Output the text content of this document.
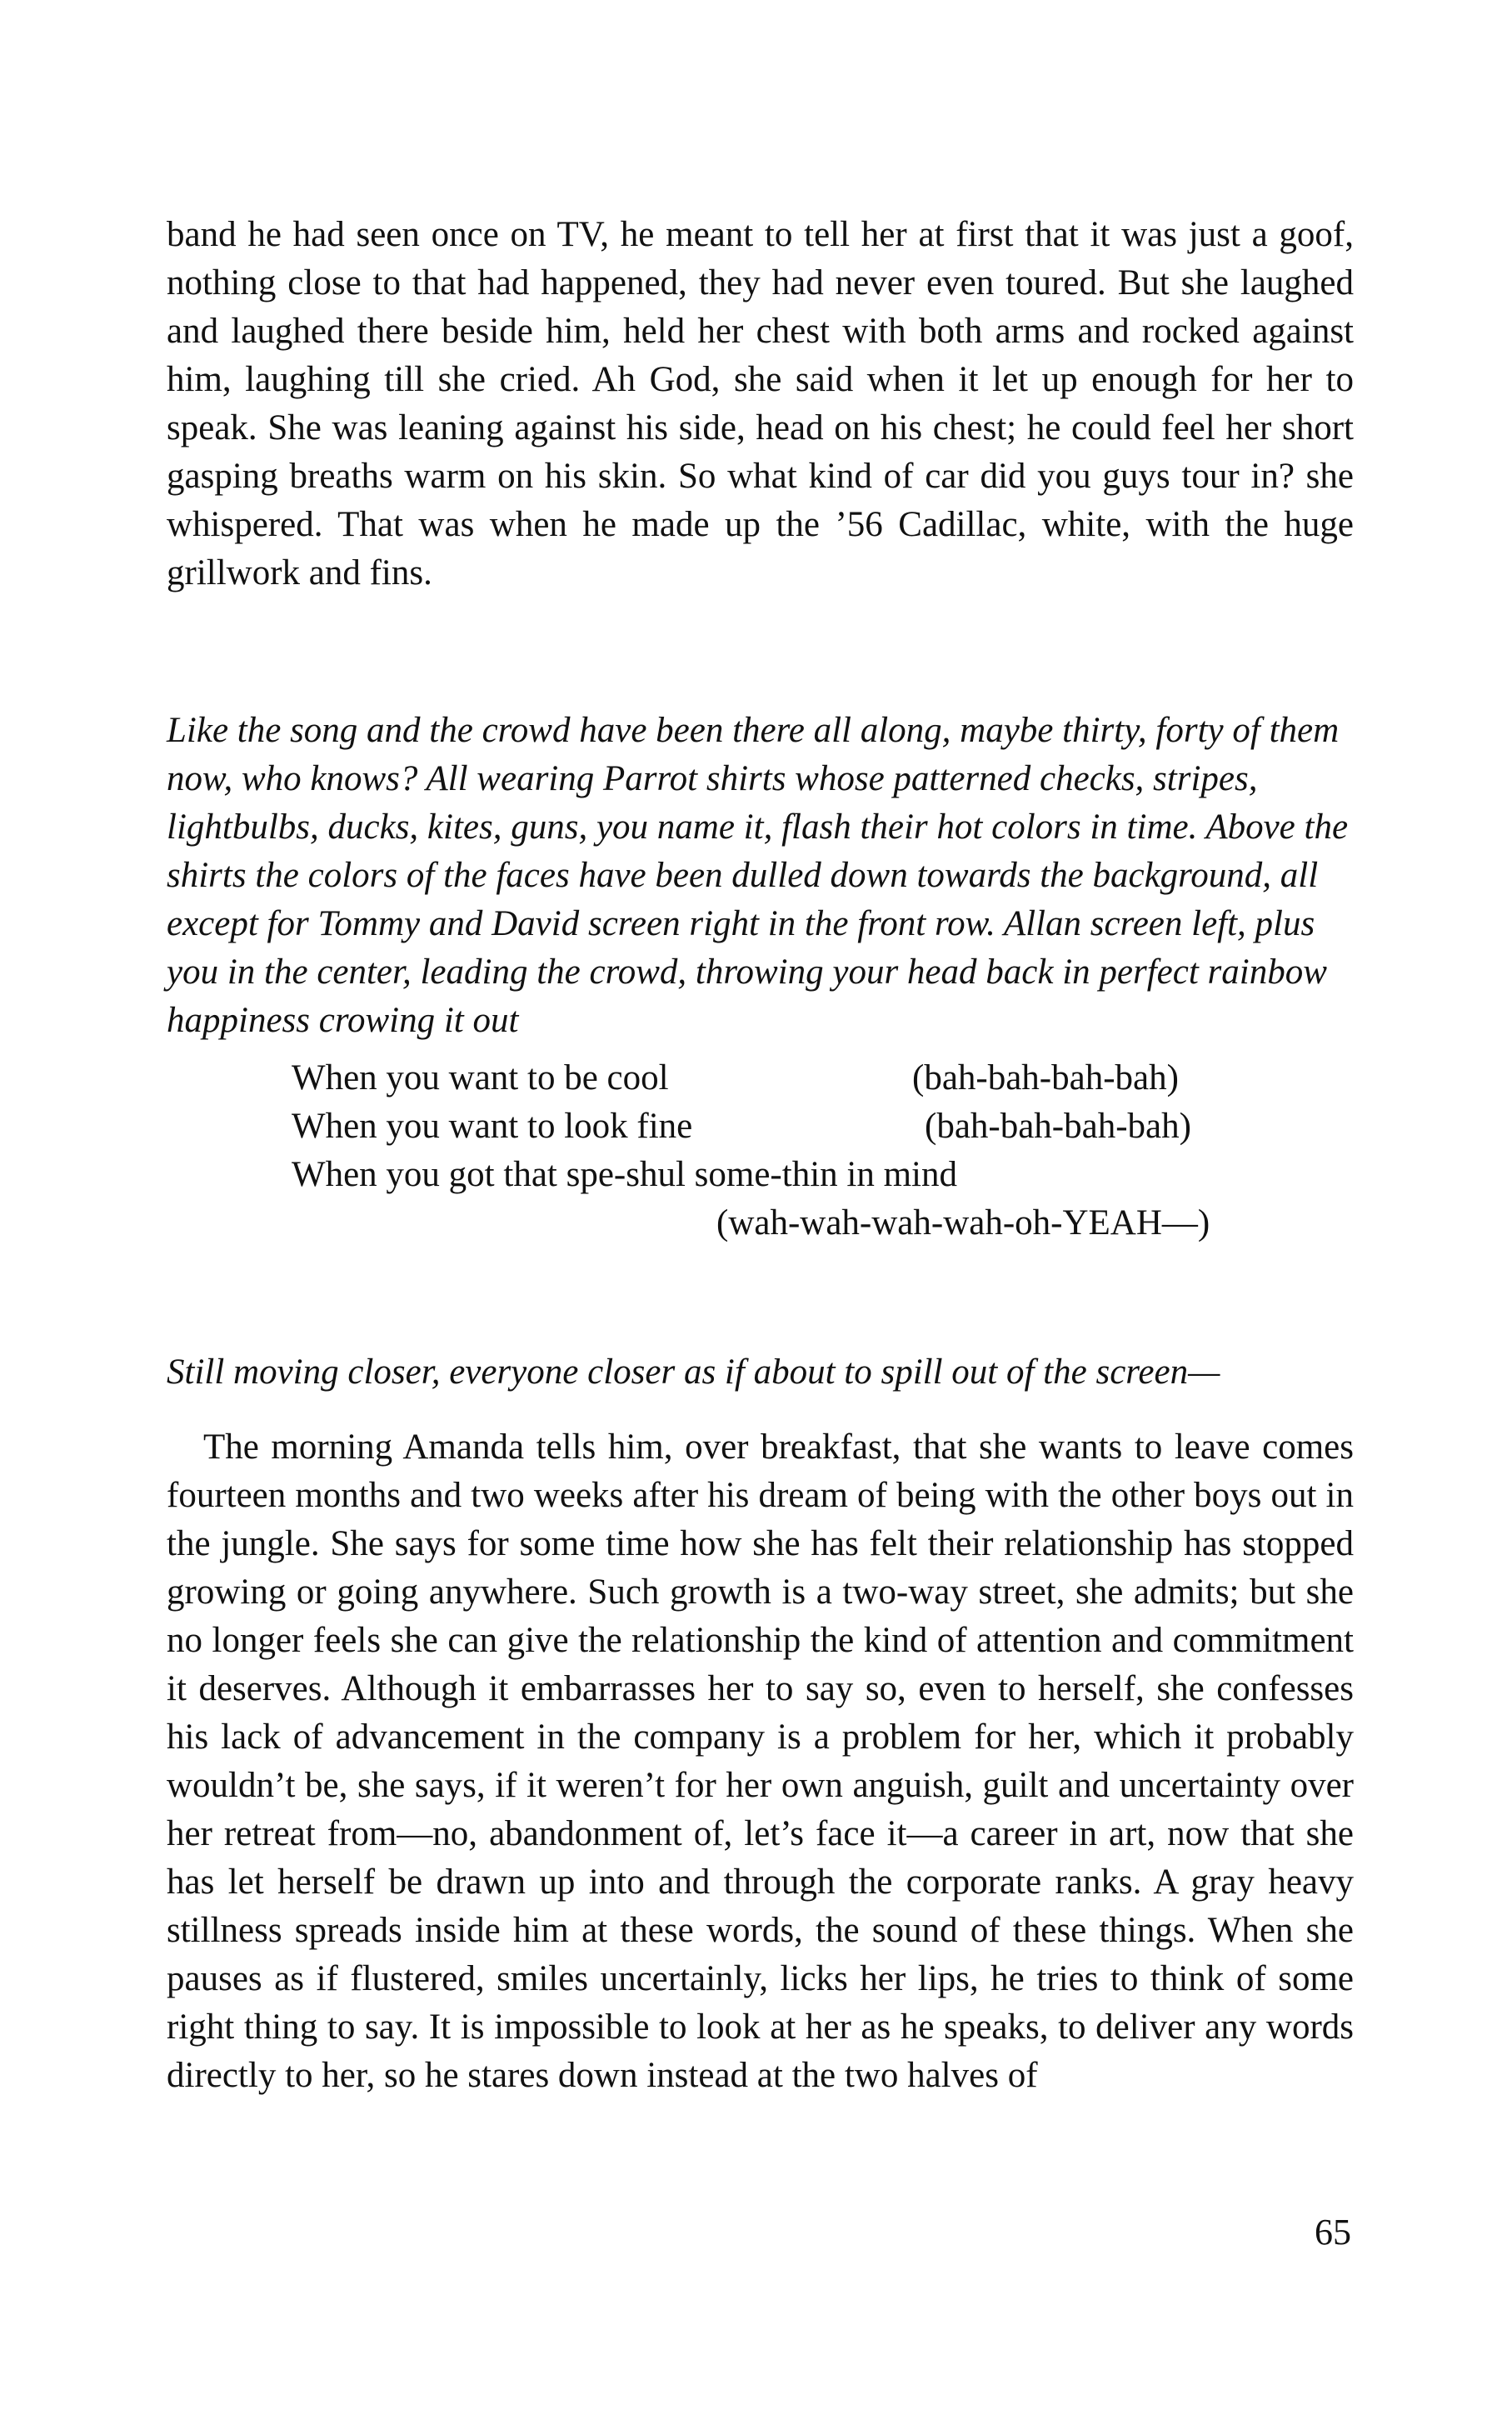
band he had seen once on TV, he meant to tell her at first that it was just a goof, nothing close to that had happened, they had never even toured. But she laughed and laughed there beside him, held her chest with both arms and rocked against him, laughing till she cried. Ah God, she said when it let up enough for her to speak. She was leaning against his side, head on his chest; he could feel her short gasping breaths warm on his skin. So what kind of car did you guys tour in? she whispered. That was when he made up the ’56 Cadillac, white, with the huge grillwork and fins.

Like the song and the crowd have been there all along, maybe thirty, forty of them now, who knows? All wearing Parrot shirts whose patterned checks, stripes, lightbulbs, ducks, kites, guns, you name it, flash their hot colors in time. Above the shirts the colors of the faces have been dulled down towards the background, all except for Tommy and David screen right in the front row. Allan screen left, plus you in the center, leading the crowd, throwing your head back in perfect rainbow happiness crowing it out

When you want to be cool	(bah-bah-bah-bah)
When you want to look fine	(bah-bah-bah-bah)
When you got that spe-shul some-thin in mind
(wah-wah-wah-wah-oh-YEAH—)

Still moving closer, everyone closer as if about to spill out of the screen—

The morning Amanda tells him, over breakfast, that she wants to leave comes fourteen months and two weeks after his dream of being with the other boys out in the jungle. She says for some time how she has felt their relationship has stopped growing or going anywhere. Such growth is a two-way street, she admits; but she no longer feels she can give the relationship the kind of attention and commitment it deserves. Although it embarrasses her to say so, even to herself, she confesses his lack of advancement in the company is a problem for her, which it probably wouldn’t be, she says, if it weren’t for her own anguish, guilt and uncertainty over her retreat from—no, abandonment of, let’s face it—a career in art, now that she has let herself be drawn up into and through the corporate ranks. A gray heavy stillness spreads inside him at these words, the sound of these things. When she pauses as if flustered, smiles uncertainly, licks her lips, he tries to think of some right thing to say. It is impossible to look at her as he speaks, to deliver any words directly to her, so he stares down instead at the two halves of

65
